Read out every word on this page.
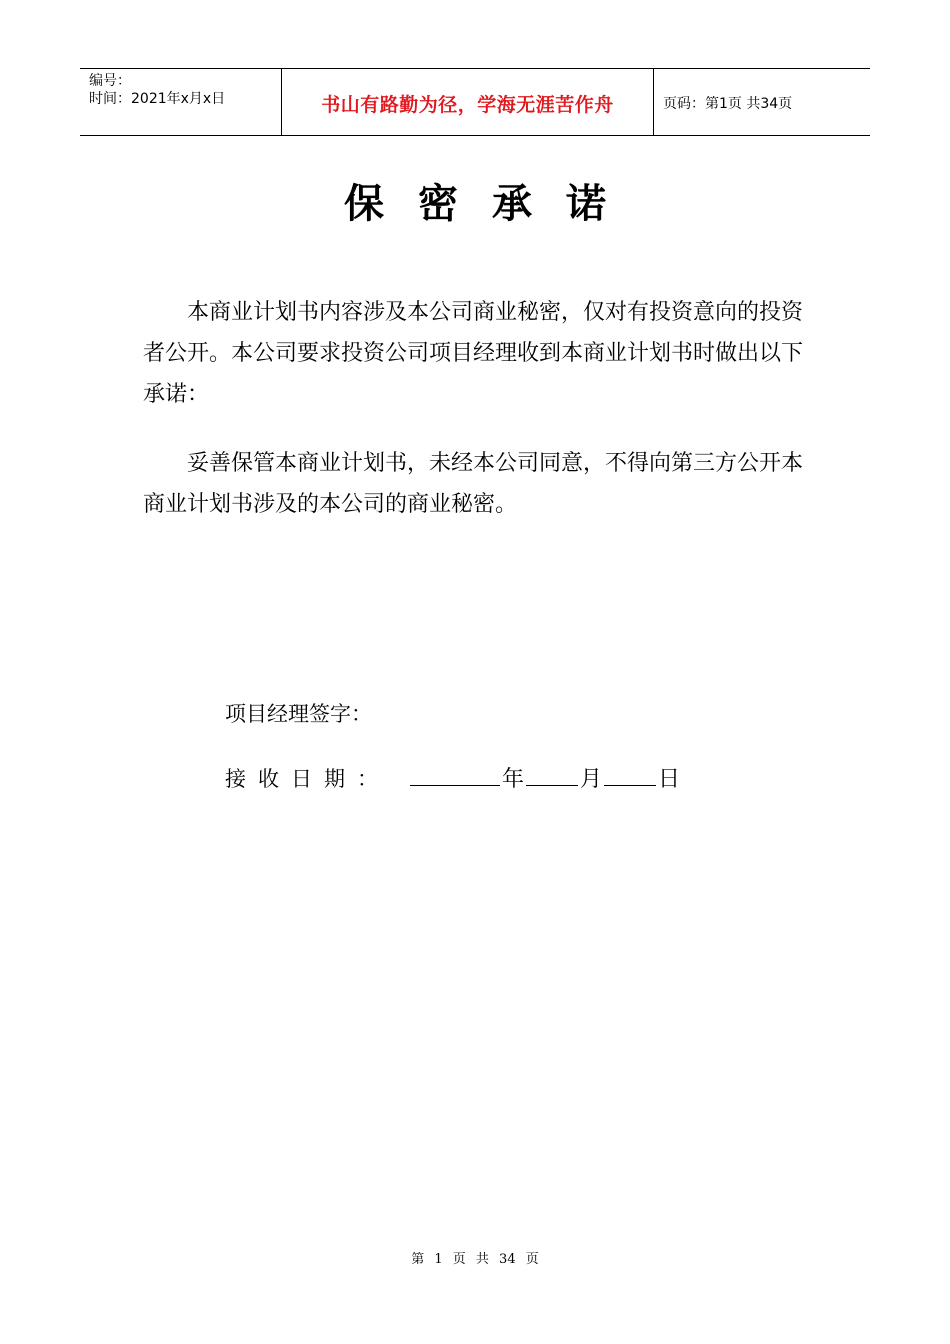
编号：
时间：2021年x月x日	书山有路勤为径，学海无涯苦作舟	页码：第1页 共34页
保密承诺

本商业计划书内容涉及本公司商业秘密，仅对有投资意向的投资者公开。本公司要求投资公司项目经理收到本商业计划书时做出以下承诺：

妥善保管本商业计划书，未经本公司同意，不得向第三方公开本商业计划书涉及的本公司的商业秘密。

项目经理签字：
接收日期：	年	月	日
第 1 页 共 34 页
